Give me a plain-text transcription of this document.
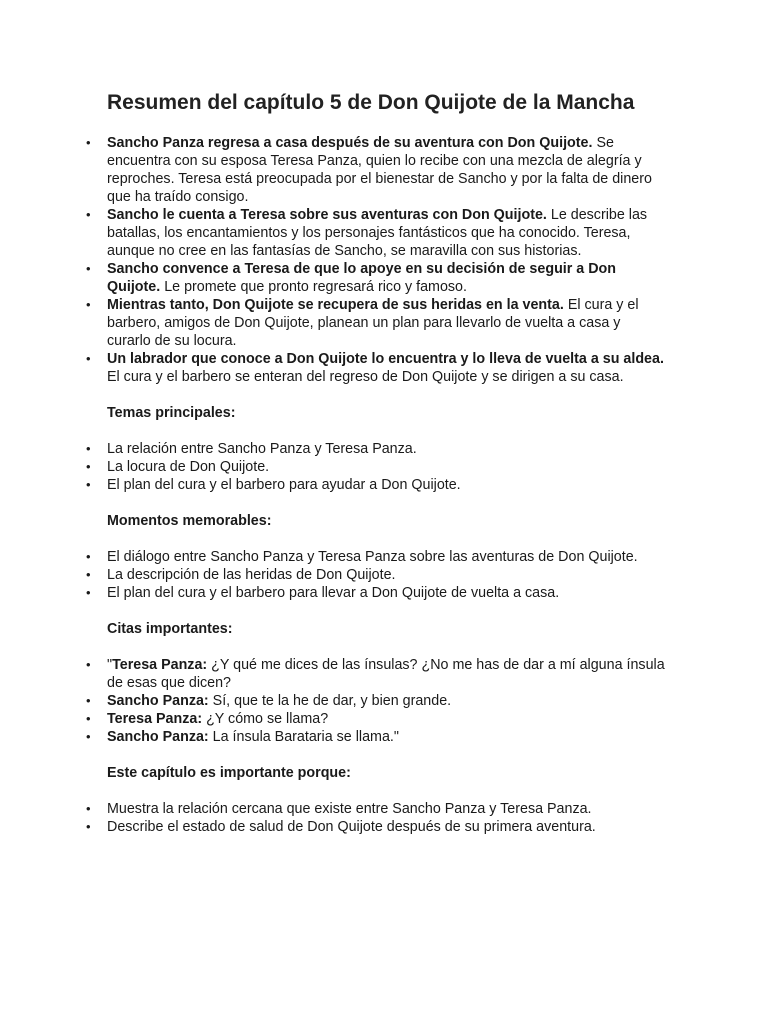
Resumen del capítulo 5 de Don Quijote de la Mancha
• Sancho Panza regresa a casa después de su aventura con Don Quijote. Se encuentra con su esposa Teresa Panza, quien lo recibe con una mezcla de alegría y reproches. Teresa está preocupada por el bienestar de Sancho y por la falta de dinero que ha traído consigo.
• Sancho le cuenta a Teresa sobre sus aventuras con Don Quijote. Le describe las batallas, los encantamientos y los personajes fantásticos que ha conocido. Teresa, aunque no cree en las fantasías de Sancho, se maravilla con sus historias.
• Sancho convence a Teresa de que lo apoye en su decisión de seguir a Don Quijote. Le promete que pronto regresará rico y famoso.
• Mientras tanto, Don Quijote se recupera de sus heridas en la venta. El cura y el barbero, amigos de Don Quijote, planean un plan para llevarlo de vuelta a casa y curarlo de su locura.
• Un labrador que conoce a Don Quijote lo encuentra y lo lleva de vuelta a su aldea. El cura y el barbero se enteran del regreso de Don Quijote y se dirigen a su casa.

Temas principales:

• La relación entre Sancho Panza y Teresa Panza.
• La locura de Don Quijote.
• El plan del cura y el barbero para ayudar a Don Quijote.

Momentos memorables:

• El diálogo entre Sancho Panza y Teresa Panza sobre las aventuras de Don Quijote.
• La descripción de las heridas de Don Quijote.
• El plan del cura y el barbero para llevar a Don Quijote de vuelta a casa.

Citas importantes:

• "Teresa Panza: ¿Y qué me dices de las ínsulas? ¿No me has de dar a mí alguna ínsula de esas que dicen?
• Sancho Panza: Sí, que te la he de dar, y bien grande.
• Teresa Panza: ¿Y cómo se llama?
• Sancho Panza: La ínsula Barataria se llama."

Este capítulo es importante porque:

• Muestra la relación cercana que existe entre Sancho Panza y Teresa Panza.
• Describe el estado de salud de Don Quijote después de su primera aventura.
